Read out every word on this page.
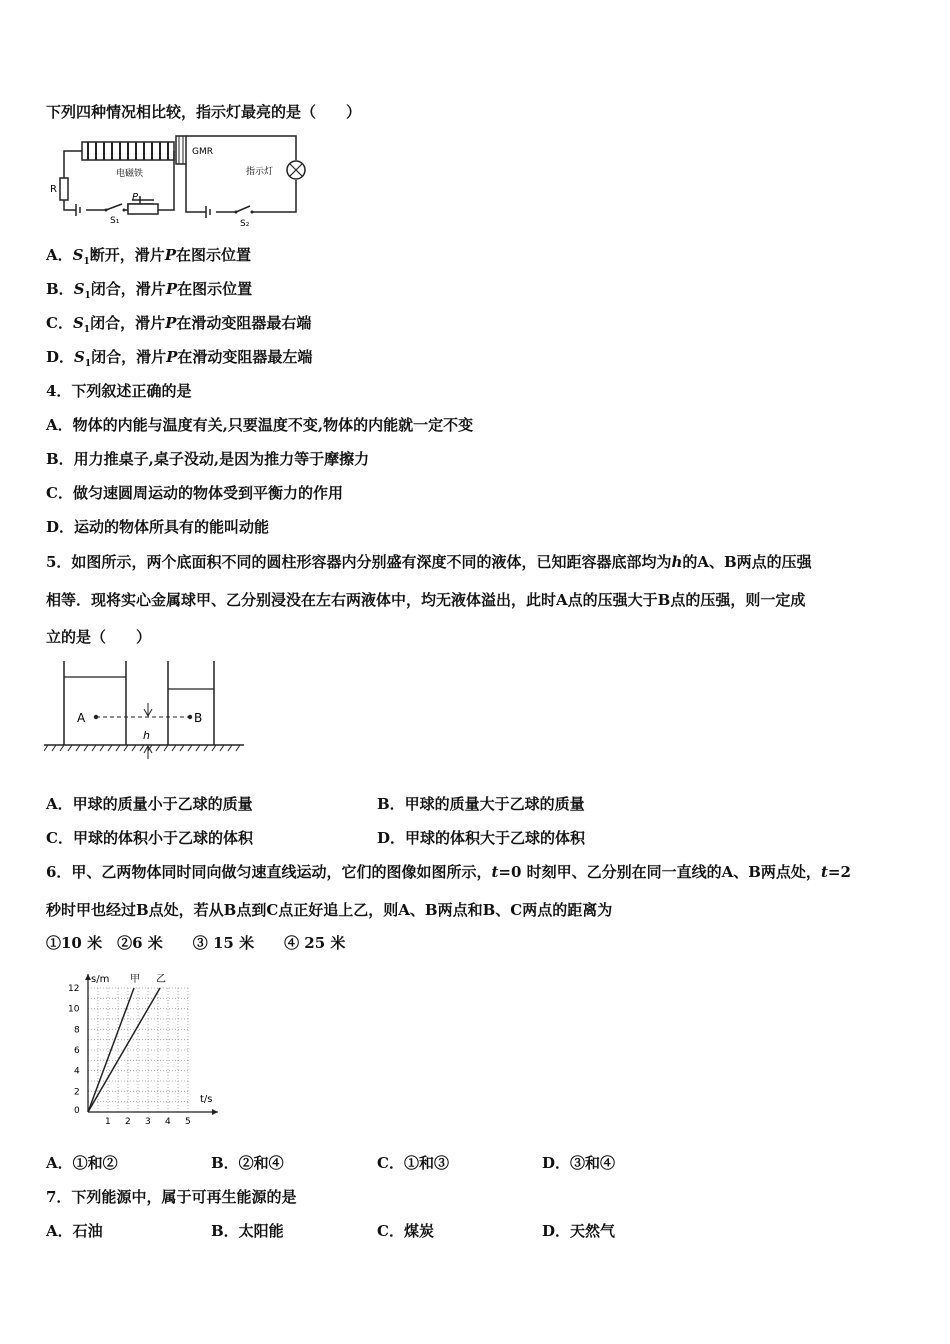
下列四种情况相比较，指示灯最亮的是（　　）
电磁铁
R
S₁
P
GMR
指示灯
S₂
A．$S_1$断开，滑片P在图示位置
B．$S_1$闭合，滑片P在图示位置
C．$S_1$闭合，滑片P在滑动变阻器最右端
D．$S_1$闭合，滑片P在滑动变阻器最左端
4．下列叙述正确的是
A．物体的内能与温度有关,只要温度不变,物体的内能就一定不变
B．用力推桌子,桌子没动,是因为推力等于摩擦力
C．做匀速圆周运动的物体受到平衡力的作用
D．运动的物体所具有的能叫动能
5．如图所示，两个底面积不同的圆柱形容器内分别盛有深度不同的液体，已知距容器底部均为h的A、B两点的压强
相等．现将实心金属球甲、乙分别浸没在左右两液体中，均无液体溢出，此时A点的压强大于B点的压强，则一定成
立的是（　　）
A	B
h
A．甲球的质量小于乙球的质量	B．甲球的质量大于乙球的质量
C．甲球的体积小于乙球的体积	D．甲球的体积大于乙球的体积
6．甲、乙两物体同时同向做匀速直线运动，它们的图像如图所示，t=0 时刻甲、乙分别在同一直线的A、B两点处，t=2
秒时甲也经过B点处，若从B点到C点正好追上乙，则A、B两点和B、C两点的距离为
①10 米　②6 米　　③ 15 米　　④ 25 米
t/s
s/m
0
1 2 3 4 5
2
4
6
8
10
12
甲 乙
A．①和②	B．②和④	C．①和③	D．③和④
7．下列能源中，属于可再生能源的是
A．石油	B．太阳能	C．煤炭	D．天然气
